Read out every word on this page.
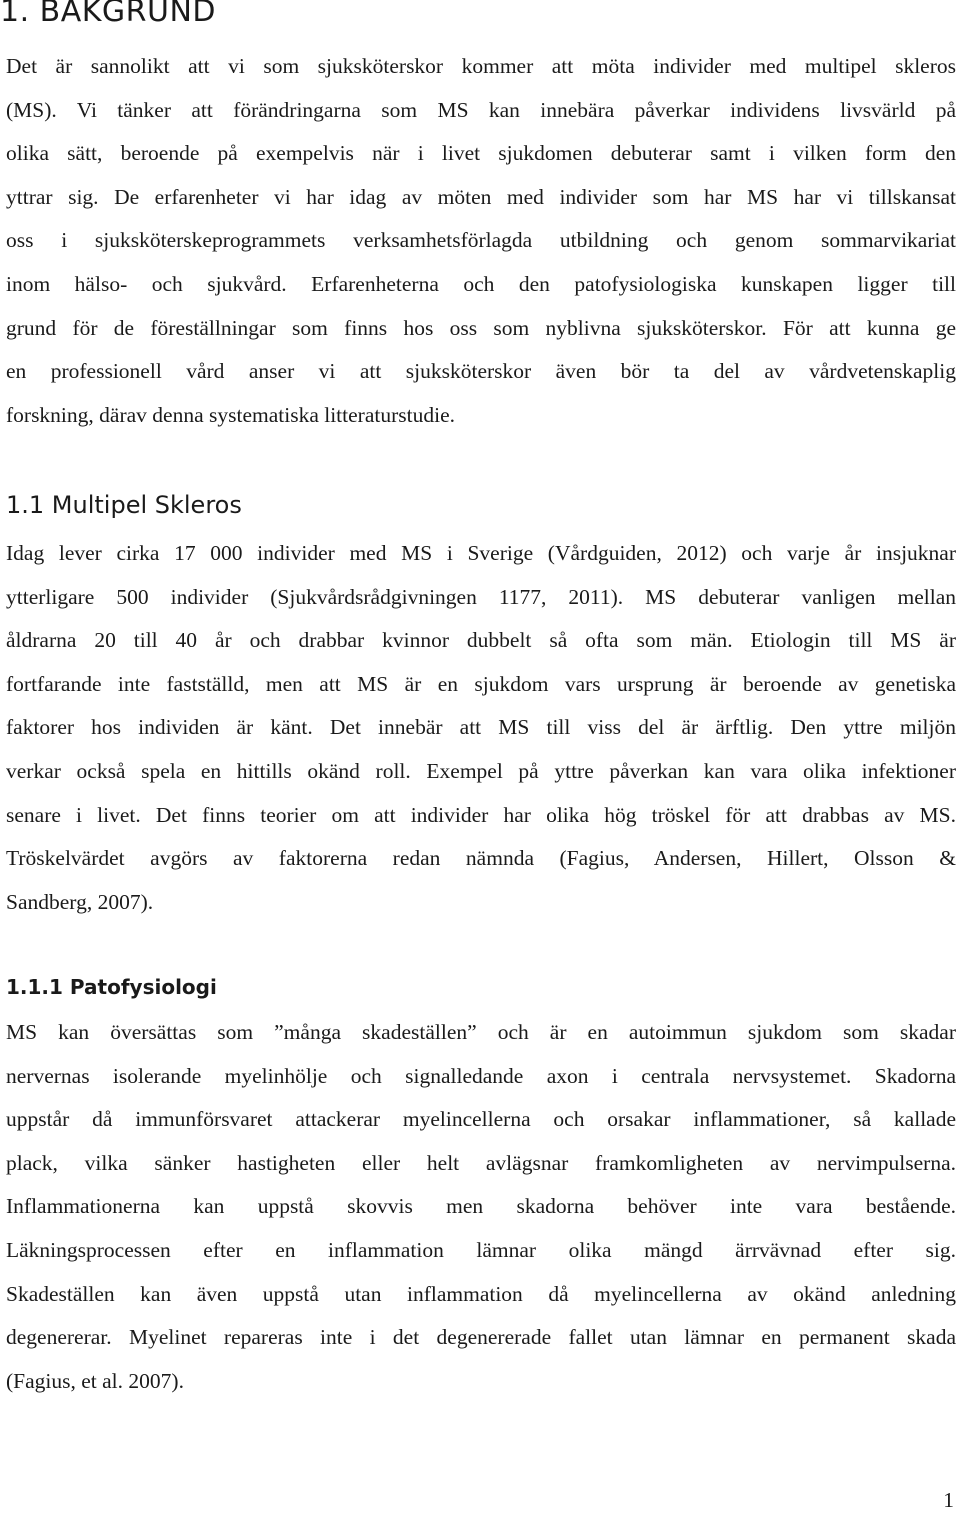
1. BAKGRUND
Det är sannolikt att vi som sjuksköterskor kommer att möta individer med multipel skleros
(MS). Vi tänker att förändringarna som MS kan innebära påverkar individens livsvärld på
olika sätt, beroende på exempelvis när i livet sjukdomen debuterar samt i vilken form den
yttrar sig. De erfarenheter vi har idag av möten med individer som har MS har vi tillskansat
oss i sjuksköterskeprogrammets verksamhetsförlagda utbildning och genom sommarvikariat
inom hälso- och sjukvård. Erfarenheterna och den patofysiologiska kunskapen ligger till
grund för de föreställningar som finns hos oss som nyblivna sjuksköterskor. För att kunna ge
en professionell vård anser vi att sjuksköterskor även bör ta del av vårdvetenskaplig
forskning, därav denna systematiska litteraturstudie.
1.1 Multipel Skleros
Idag lever cirka 17 000 individer med MS i Sverige (Vårdguiden, 2012) och varje år insjuknar
ytterligare 500 individer (Sjukvårdsrådgivningen 1177, 2011). MS debuterar vanligen mellan
åldrarna 20 till 40 år och drabbar kvinnor dubbelt så ofta som män. Etiologin till MS är
fortfarande inte fastställd, men att MS är en sjukdom vars ursprung är beroende av genetiska
faktorer hos individen är känt. Det innebär att MS till viss del är ärftlig. Den yttre miljön
verkar också spela en hittills okänd roll. Exempel på yttre påverkan kan vara olika infektioner
senare i livet. Det finns teorier om att individer har olika hög tröskel för att drabbas av MS.
Tröskelvärdet avgörs av faktorerna redan nämnda (Fagius, Andersen, Hillert, Olsson &
Sandberg, 2007).
1.1.1 Patofysiologi
MS kan översättas som ”många skadeställen” och är en autoimmun sjukdom som skadar
nervernas isolerande myelinhölje och signalledande axon i centrala nervsystemet. Skadorna
uppstår då immunförsvaret attackerar myelincellerna och orsakar inflammationer, så kallade
plack, vilka sänker hastigheten eller helt avlägsnar framkomligheten av nervimpulserna.
Inflammationerna kan uppstå skovvis men skadorna behöver inte vara bestående.
Läkningsprocessen efter en inflammation lämnar olika mängd ärrvävnad efter sig.
Skadeställen kan även uppstå utan inflammation då myelincellerna av okänd anledning
degenererar. Myelinet repareras inte i det degenererade fallet utan lämnar en permanent skada
(Fagius, et al. 2007).
1
